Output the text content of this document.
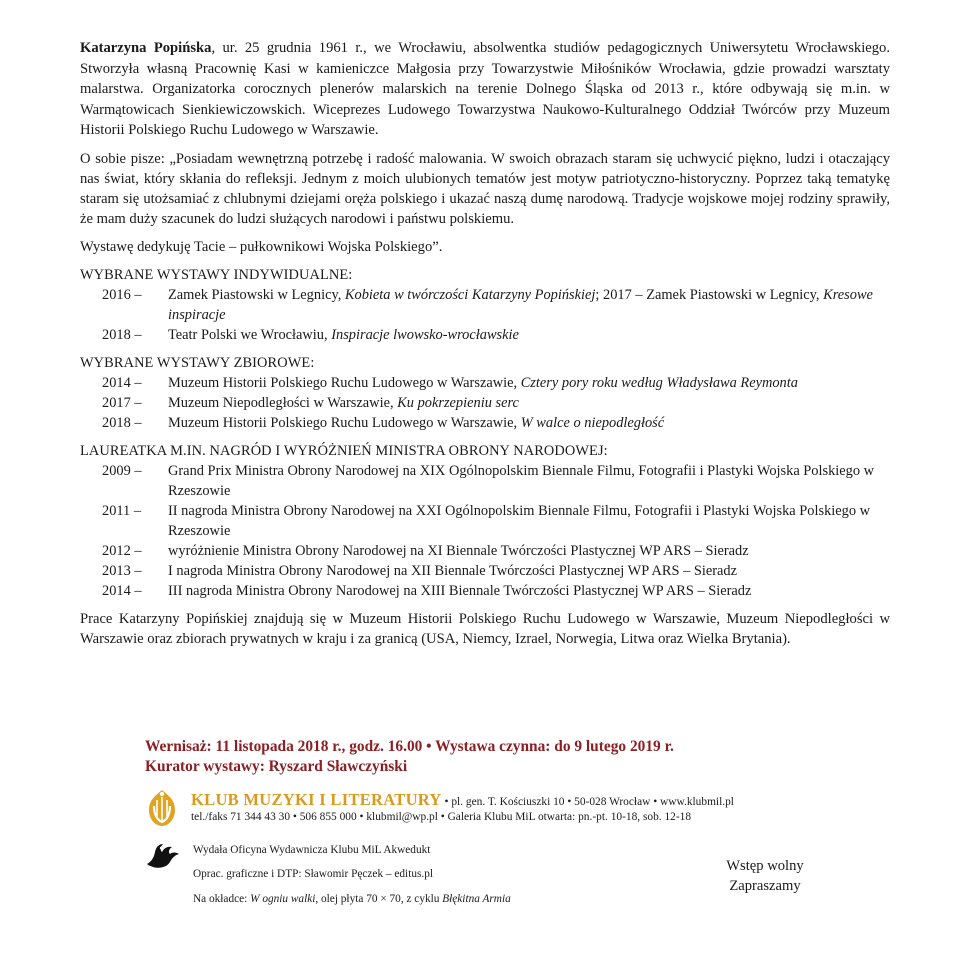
Katarzyna Popińska, ur. 25 grudnia 1961 r., we Wrocławiu, absolwentka studiów pedagogicznych Uniwersytetu Wrocławskiego. Stworzyła własną Pracownię Kasi w kamieniczce Małgosia przy Towarzystwie Miłośników Wrocławia, gdzie prowadzi warsztaty malarstwa. Organizatorka corocznych plenerów malarskich na terenie Dolnego Śląska od 2013 r., które odbywają się m.in. w Warmątowicach Sienkiewiczowskich. Wiceprezes Ludowego Towarzystwa Naukowo-Kulturalnego Oddział Twórców przy Muzeum Historii Polskiego Ruchu Ludowego w Warszawie.

O sobie pisze: „Posiadam wewnętrzną potrzebę i radość malowania. W swoich obrazach staram się uchwycić piękno, ludzi i otaczający nas świat, który skłania do refleksji. Jednym z moich ulubionych tematów jest motyw patriotyczno-historyczny. Poprzez taką tematykę staram się utożsamiać z chlubnymi dziejami oręża polskiego i ukazać naszą dumę narodową. Tradycje wojskowe mojej rodziny sprawiły, że mam duży szacunek do ludzi służących narodowi i państwu polskiemu.

Wystawę dedykuję Tacie – pułkownikowi Wojska Polskiego”.

WYBRANE WYSTAWY INDYWIDUALNE:

2016 –	Zamek Piastowski w Legnicy, Kobieta w twórczości Katarzyny Popińskiej; 2017 – Zamek Piastowski w Legnicy, Kresowe inspiracje
2018 –	Teatr Polski we Wrocławiu, Inspiracje lwowsko-wrocławskie

WYBRANE WYSTAWY ZBIOROWE:

2014 –	Muzeum Historii Polskiego Ruchu Ludowego w Warszawie, Cztery pory roku według Władysława Reymonta
2017 –	Muzeum Niepodległości w Warszawie, Ku pokrzepieniu serc
2018 –	Muzeum Historii Polskiego Ruchu Ludowego w Warszawie, W walce o niepodległość

LAUREATKA M.IN. NAGRÓD I WYRÓŻNIEŃ MINISTRA OBRONY NARODOWEJ:

2009 –	Grand Prix Ministra Obrony Narodowej na XIX Ogólnopolskim Biennale Filmu, Fotografii i Plastyki Wojska Polskiego w Rzeszowie
2011 –	II nagroda Ministra Obrony Narodowej na XXI Ogólnopolskim Biennale Filmu, Fotografii i Plastyki Wojska Polskiego w Rzeszowie
2012 –	wyróżnienie Ministra Obrony Narodowej na XI Biennale Twórczości Plastycznej WP ARS – Sieradz
2013 –	I nagroda Ministra Obrony Narodowej na XII Biennale Twórczości Plastycznej WP ARS – Sieradz
2014 –	III nagroda Ministra Obrony Narodowej na XIII Biennale Twórczości Plastycznej WP ARS – Sieradz

Prace Katarzyny Popińskiej znajdują się w Muzeum Historii Polskiego Ruchu Ludowego w Warszawie, Muzeum Niepodległości w Warszawie oraz zbiorach prywatnych w kraju i za granicą (USA, Niemcy, Izrael, Norwegia, Litwa oraz Wielka Brytania).

Wernisaż: 11 listopada 2018 r., godz. 16.00 • Wystawa czynna: do 9 lutego 2019 r.
Kurator wystawy: Ryszard Sławczyński
KLUB MUZYKI I LITERATURY • pl. gen. T. Kościuszki 10 • 50-028 Wrocław • www.klubmil.pl
tel./faks 71 344 43 30 • 506 855 000 • klubmil@wp.pl • Galeria Klubu MiL otwarta: pn.-pt. 10-18, sob. 12-18
Wydała Oficyna Wydawnicza Klubu MiL Akwedukt
Oprac. graficzne i DTP: Sławomir Pęczek – editus.pl
Na okładce: W ogniu walki, olej płyta 70 × 70, z cyklu Błękitna Armia
Wstęp wolny
Zapraszamy
